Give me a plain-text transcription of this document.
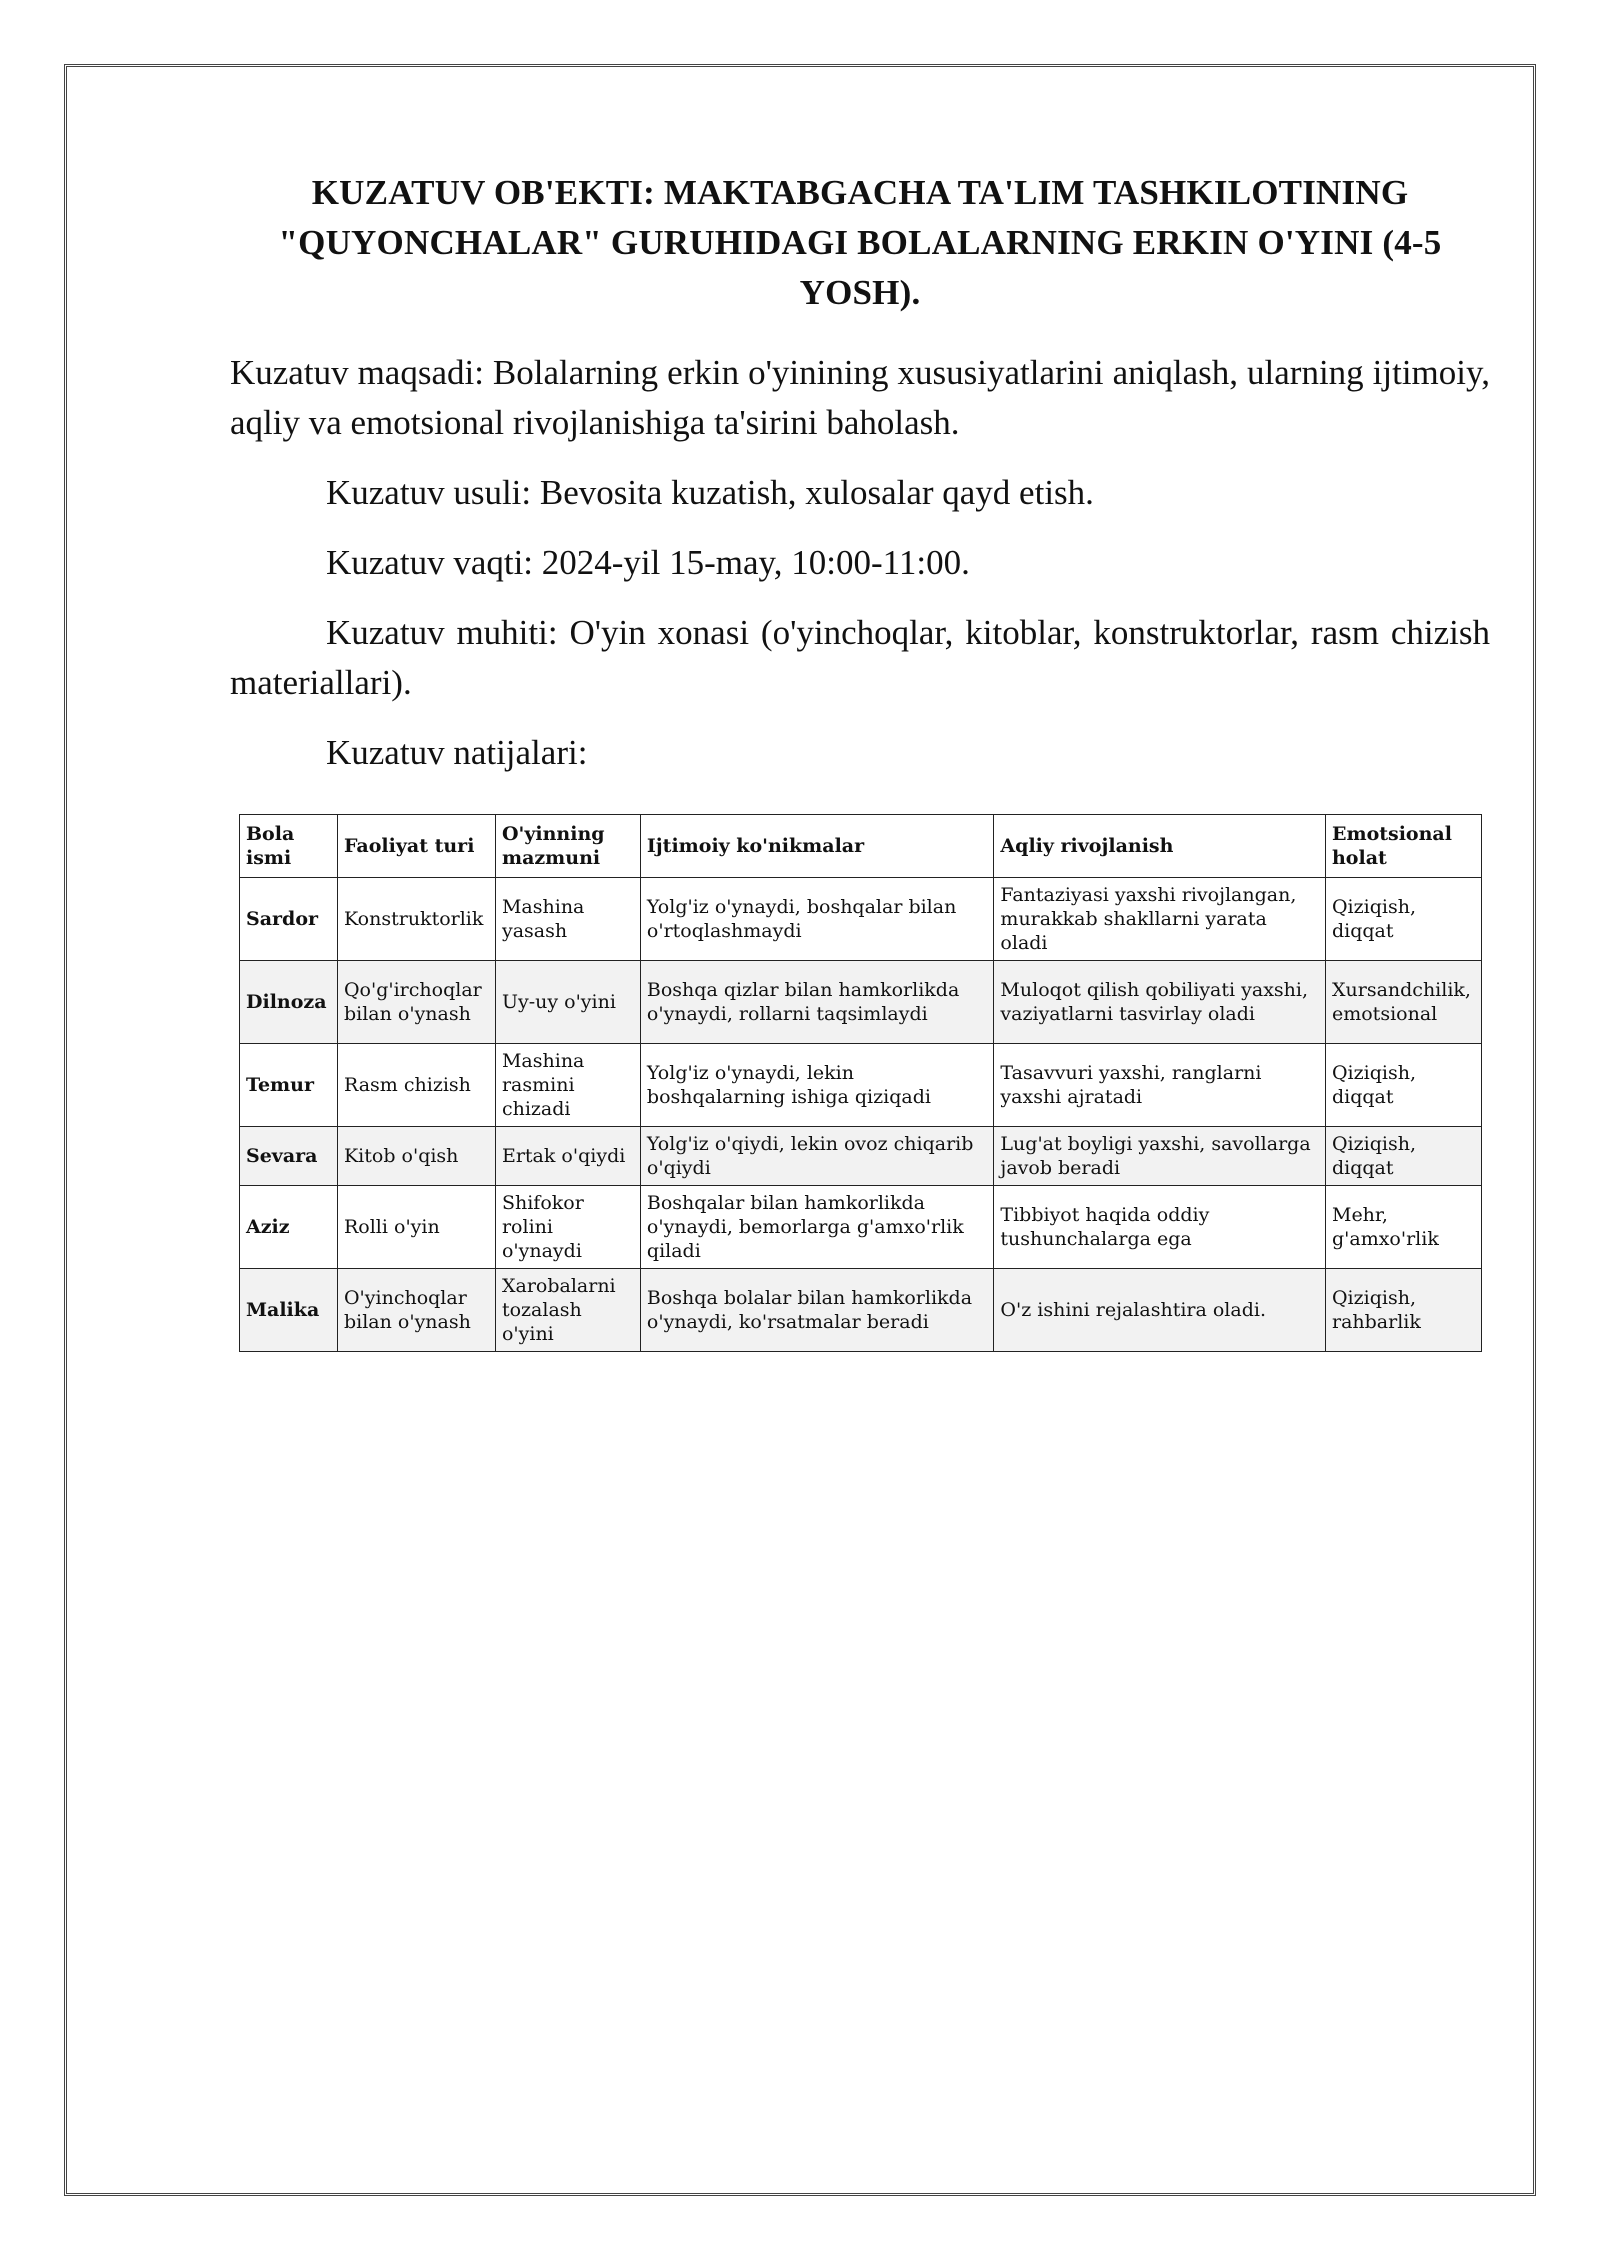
KUZATUV OB'EKTI: MAKTABGACHA TA'LIM TASHKILOTINING "QUYONCHALAR" GURUHIDAGI BOLALARNING ERKIN O'YINI (4-5 YOSH).

Kuzatuv maqsadi: Bolalarning erkin o'yinining xususiyatlarini aniqlash, ularning ijtimoiy, aqliy va emotsional rivojlanishiga ta'sirini baholash.

Kuzatuv usuli: Bevosita kuzatish, xulosalar qayd etish.

Kuzatuv vaqti: 2024-yil 15-may, 10:00-11:00.

Kuzatuv muhiti: O'yin xonasi (o'yinchoqlar, kitoblar, konstruktorlar, rasm chizish materiallari).

Kuzatuv natijalari:

Bola ismi	Faoliyat turi	O'yinning mazmuni	Ijtimoiy ko'nikmalar	Aqliy rivojlanish	Emotsional holat
Sardor	Konstruktorlik	Mashina yasash	Yolg'iz o'ynaydi, boshqalar bilan o'rtoqlashmaydi	Fantaziyasi yaxshi rivojlangan, murakkab shakllarni yarata oladi	Qiziqish, diqqat
Dilnoza	Qo'g'irchoqlar bilan o'ynash	Uy-uy o'yini	Boshqa qizlar bilan hamkorlikda o'ynaydi, rollarni taqsimlaydi	Muloqot qilish qobiliyati yaxshi, vaziyatlarni tasvirlay oladi	Xursandchilik, emotsional
Temur	Rasm chizish	Mashina rasmini chizadi	Yolg'iz o'ynaydi, lekin boshqalarning ishiga qiziqadi	Tasavvuri yaxshi, ranglarni yaxshi ajratadi	Qiziqish, diqqat
Sevara	Kitob o'qish	Ertak o'qiydi	Yolg'iz o'qiydi, lekin ovoz chiqarib o'qiydi	Lug'at boyligi yaxshi, savollarga javob beradi	Qiziqish, diqqat
Aziz	Rolli o'yin	Shifokor rolini o'ynaydi	Boshqalar bilan hamkorlikda o'ynaydi, bemorlarga g'amxo'rlik qiladi	Tibbiyot haqida oddiy tushunchalarga ega	Mehr, g'amxo'rlik
Malika	O'yinchoqlar bilan o'ynash	Xarobalarni tozalash o'yini	Boshqa bolalar bilan hamkorlikda o'ynaydi, ko'rsatmalar beradi	O'z ishini rejalashtira oladi.	Qiziqish, rahbarlik
